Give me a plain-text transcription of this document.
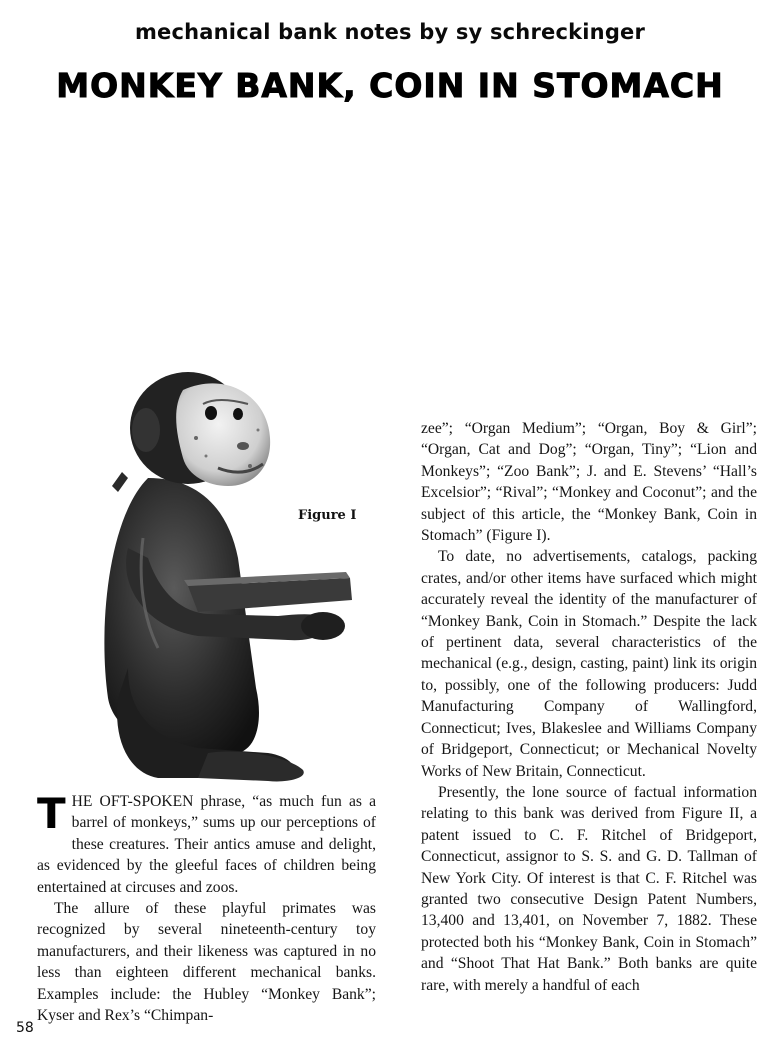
mechanical bank notes by sy schreckinger
MONKEY BANK, COIN IN STOMACH
Figure I

THE OFT-SPOKEN phrase, “as much fun as a barrel of monkeys,” sums up our perceptions of these creatures. Their antics amuse and delight, as evidenced by the gleeful faces of children being entertained at circuses and zoos.

The allure of these playful primates was recognized by several nineteenth-century toy manufacturers, and their likeness was captured in no less than eighteen different mechanical banks. Examples include: the Hubley “Monkey Bank”; Kyser and Rex’s “Chimpan-

zee”; “Organ Medium”; “Organ, Boy & Girl”; “Organ, Cat and Dog”; “Organ, Tiny”; “Lion and Monkeys”; “Zoo Bank”; J. and E. Stevens’ “Hall’s Excelsior”; “Rival”; “Monkey and Coconut”; and the subject of this article, the “Monkey Bank, Coin in Stomach” (Figure I).

To date, no advertisements, catalogs, packing crates, and/or other items have surfaced which might accurately reveal the identity of the manufacturer of “Monkey Bank, Coin in Stomach.” Despite the lack of pertinent data, several characteristics of the mechanical (e.g., design, casting, paint) link its origin to, possibly, one of the following producers: Judd Manufacturing Company of Wallingford, Connecticut; Ives, Blakeslee and Williams Company of Bridgeport, Connecticut; or Mechanical Novelty Works of New Britain, Connecticut.

Presently, the lone source of factual information relating to this bank was derived from Figure II, a patent issued to C. F. Ritchel of Bridgeport, Connecticut, assignor to S. S. and G. D. Tallman of New York City. Of interest is that C. F. Ritchel was granted two consecutive Design Patent Numbers, 13,400 and 13,401, on November 7, 1882. These protected both his “Monkey Bank, Coin in Stomach” and “Shoot That Hat Bank.” Both banks are quite rare, with merely a handful of each

58
